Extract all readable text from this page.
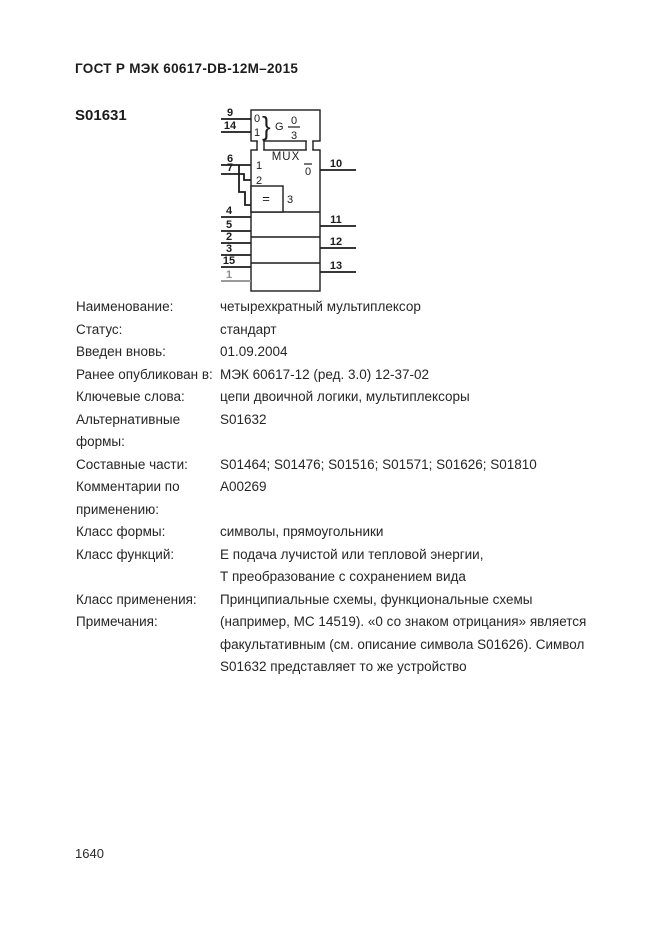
ГОСТ Р МЭК 60617-DB-12M–2015
S01631	9
14
0
1 } G 0
3
MUX
1
2
= 3
0
6
7	10
4
5	11
2
3
12
15
1
13
Наименование:	четырехкратный мультиплексор
Статус:	стандарт
Введен вновь:	01.09.2004
Ранее опубликован в: МЭК 60617-12 (ред. 3.0) 12-37-02
Ключевые слова:	цепи двоичной логики, мультиплексоры
Альтернативные формы:
S01632
Составные части:	S01464; S01476; S01516; S01571; S01626; S01810
Комментарии по применению:
A00269
Класс формы:	символы, прямоугольники
Класс функций:	Е подача лучистой или тепловой энергии,
Т преобразование с сохранением вида
Класс применения:	Принципиальные схемы, функциональные схемы
Примечания:	(например, MC 14519). «0 со знаком отрицания» является
факультативным (см. описание символа S01626). Символ
S01632 представляет то же устройство
1640
